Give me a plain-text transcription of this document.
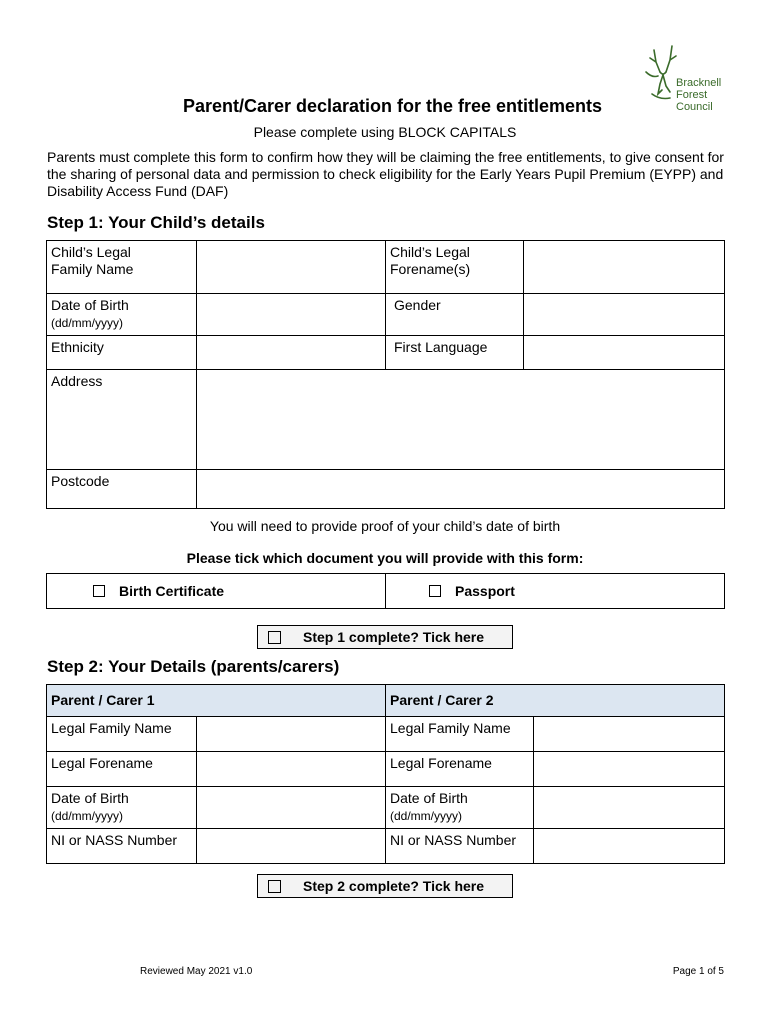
Bracknell
Forest
Council
Parent/Carer declaration for the free entitlements
Please complete using BLOCK CAPITALS
Parents must complete this form to confirm how they will be claiming the free entitlements, to give consent for the sharing of personal data and permission to check eligibility for the Early Years Pupil Premium (EYPP) and Disability Access Fund (DAF)
Step 1: Your Child’s details
Child’s Legal
Family Name		Child’s Legal
Forename(s)	
Date of Birth
(dd/mm/yyyy)		Gender	
Ethnicity		First Language	
Address			
Postcode			
You will need to provide proof of your child’s date of birth
Please tick which document you will provide with this form:
Birth Certificate	Passport
Step 1 complete? Tick here
Step 2: Your Details (parents/carers)
Parent / Carer 1		Parent / Carer 2	
Legal Family Name		Legal Family Name	
Legal Forename		Legal Forename	
Date of Birth
(dd/mm/yyyy)		Date of Birth
(dd/mm/yyyy)	
NI or NASS Number		NI or NASS Number	
Step 2 complete? Tick here
Reviewed May 2021 v1.0	Page 1 of 5
